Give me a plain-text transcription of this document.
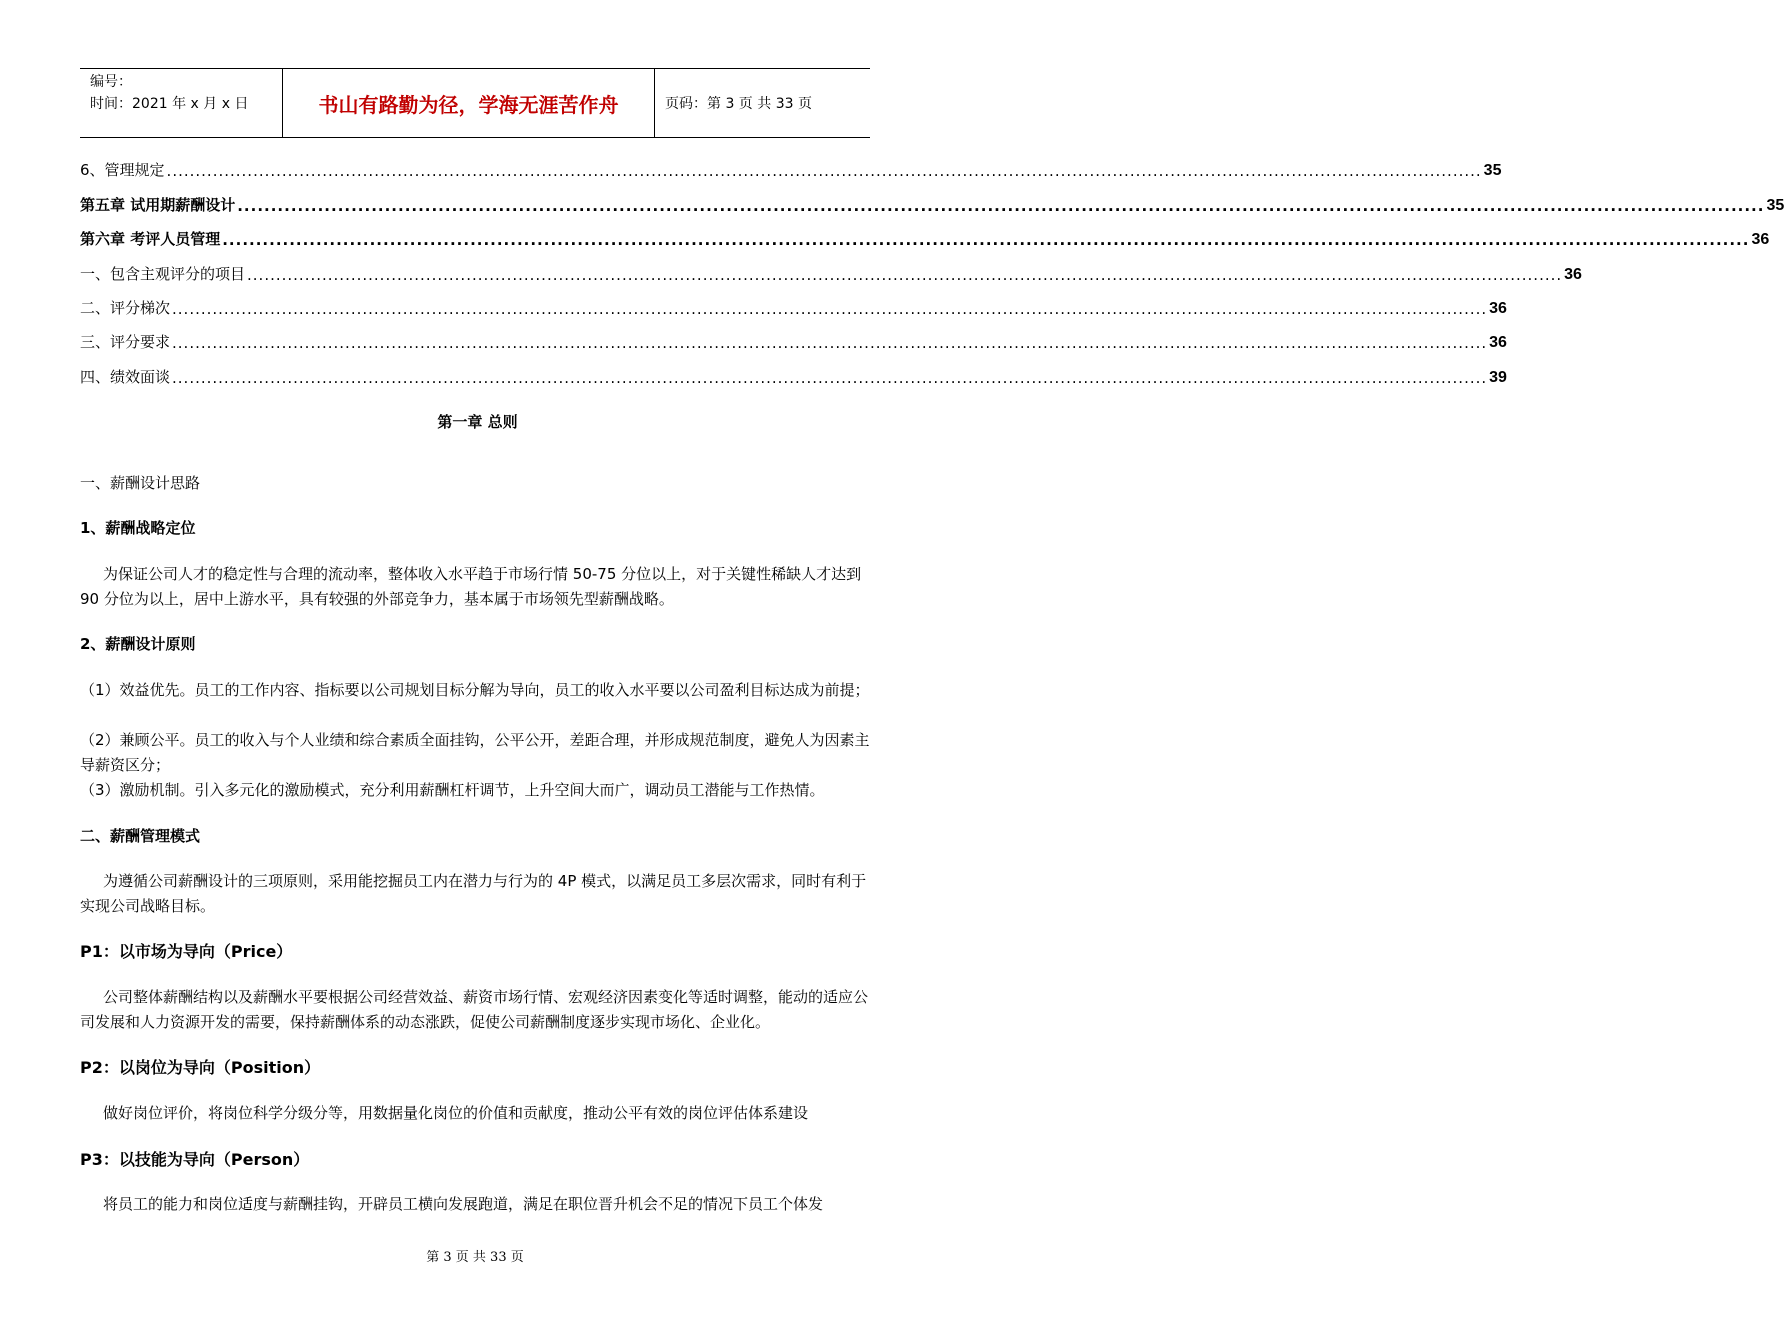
编号：
时间：2021 年 x 月 x 日	书山有路勤为径，学海无涯苦作舟	页码：第 3 页 共 33 页
6、管理规定 .................................................................................................................................................................................................................................... 35
第五章 试用期薪酬设计 .................................................................................................................................................................................................................................... 35
第六章 考评人员管理 .................................................................................................................................................................................................................................... 36
一、包含主观评分的项目 .................................................................................................................................................................................................................................... 36
二、评分梯次 .................................................................................................................................................................................................................................... 36
三、评分要求 .................................................................................................................................................................................................................................... 36
四、绩效面谈 .................................................................................................................................................................................................................................... 39
第一章 总则
一、薪酬设计思路
1、薪酬战略定位
为保证公司人才的稳定性与合理的流动率，整体收入水平趋于市场行情 50-75 分位以上，对于关键性稀缺人才达到 90 分位为以上，居中上游水平，具有较强的外部竞争力，基本属于市场领先型薪酬战略。
2、薪酬设计原则
（1）效益优先。员工的工作内容、指标要以公司规划目标分解为导向，员工的收入水平要以公司盈利目标达成为前提；
（2）兼顾公平。员工的收入与个人业绩和综合素质全面挂钩，公平公开，差距合理，并形成规范制度，避免人为因素主导薪资区分；
（3）激励机制。引入多元化的激励模式，充分利用薪酬杠杆调节，上升空间大而广，调动员工潜能与工作热情。
二、薪酬管理模式
为遵循公司薪酬设计的三项原则，采用能挖掘员工内在潜力与行为的 4P 模式，以满足员工多层次需求，同时有利于实现公司战略目标。
P1：以市场为导向（Price）
公司整体薪酬结构以及薪酬水平要根据公司经营效益、薪资市场行情、宏观经济因素变化等适时调整，能动的适应公司发展和人力资源开发的需要，保持薪酬体系的动态涨跌，促使公司薪酬制度逐步实现市场化、企业化。
P2：以岗位为导向（Position）
做好岗位评价，将岗位科学分级分等，用数据量化岗位的价值和贡献度，推动公平有效的岗位评估体系建设
P3：以技能为导向（Person）
将员工的能力和岗位适度与薪酬挂钩，开辟员工横向发展跑道，满足在职位晋升机会不足的情况下员工个体发
第 3 页 共 33 页
